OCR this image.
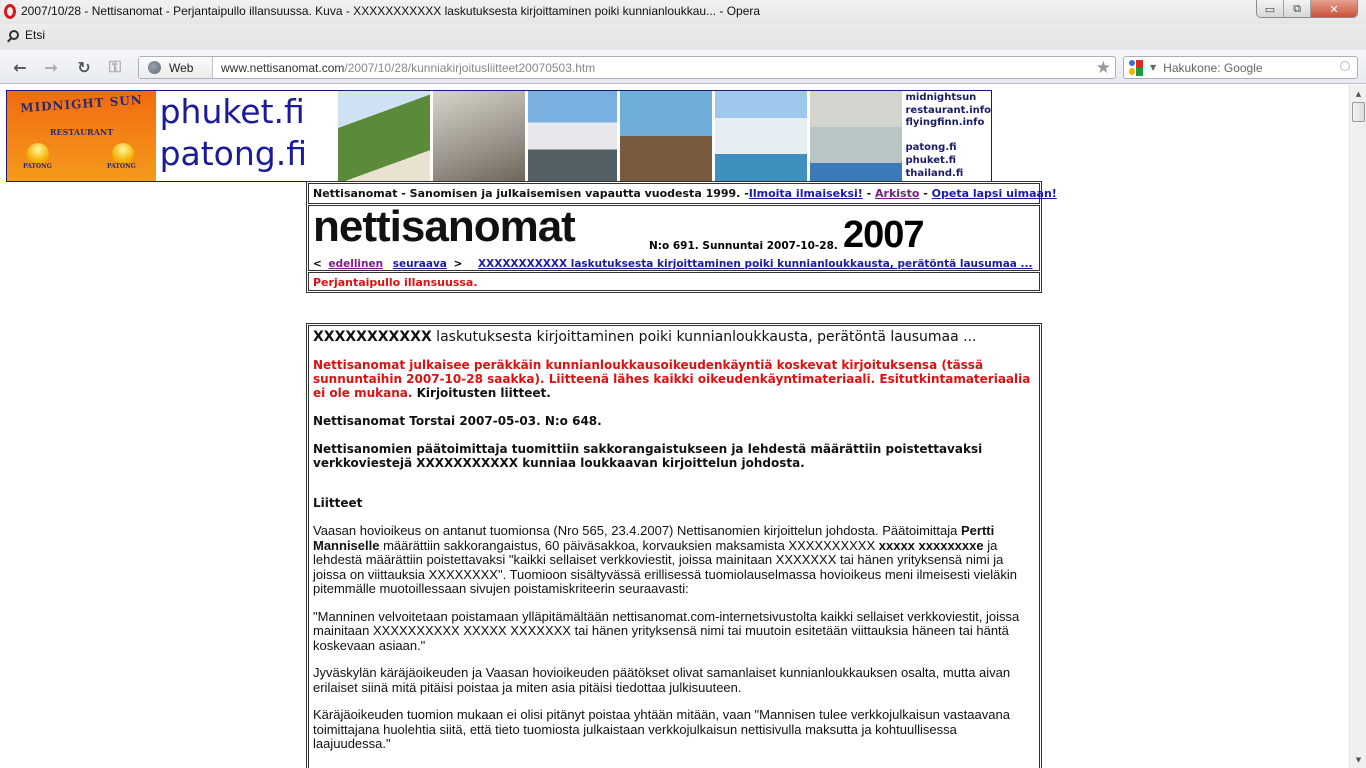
2007/10/28 - Nettisanomat - Perjantaipullo illansuussa. Kuva - XXXXXXXXXXX laskutuksesta kirjoittaminen poiki kunnianloukkau... - Opera	▭ ⧉	✕
Etsi
← → ↻ ⚿	Web	www.nettisanomat.com/2007/10/28/kunniakirjoitusliitteet20070503.htm	★	▼ Hakukone: Google
MIDNIGHT SUN
RESTAURANT
PATONG	PATONG
phuket.fi
patong.fi
midnightsun
restaurant.info
flyingfinn.info
patong.fi
phuket.fi
thailand.fi
Nettisanomat - Sanomisen ja julkaisemisen vapautta vuodesta 1999. -Ilmoita ilmaiseksi! - Arkisto - Opeta lapsi uimaan!
nettisanomat	N:o 691. Sunnuntai 2007-10-28. 2007
< edellinen seuraava > XXXXXXXXXXX laskutuksesta kirjoittaminen poiki kunnianloukkausta, perätöntä lausumaa ...
Perjantaipullo illansuussa.
XXXXXXXXXXX laskutuksesta kirjoittaminen poiki kunnianloukkausta, perätöntä lausumaa ...
Nettisanomat julkaisee peräkkäin kunnianloukkausoikeudenkäyntiä koskevat kirjoituksensa (tässä sunnuntaihin 2007-10-28 saakka). Liitteenä lähes kaikki oikeudenkäyntimateriaali. Esitutkintamateriaalia ei ole mukana. Kirjoitusten liitteet.
Nettisanomat Torstai 2007-05-03. N:o 648.
Nettisanomien päätoimittaja tuomittiin sakkorangaistukseen ja lehdestä määrättiin poistettavaksi verkkoviestejä XXXXXXXXXXX kunniaa loukkaavan kirjoittelun johdosta.
Liitteet
Vaasan hovioikeus on antanut tuomionsa (Nro 565, 23.4.2007) Nettisanomien kirjoittelun johdosta. Päätoimittaja Pertti Manniselle määrättiin sakkorangaistus, 60 päiväsakkoa, korvauksien maksamista XXXXXXXXXX xxxxx xxxxxxxxe ja lehdestä määrättiin poistettavaksi "kaikki sellaiset verkkoviestit, joissa mainitaan XXXXXXX tai hänen yrityksensä nimi ja joissa on viittauksia XXXXXXXX". Tuomioon sisältyvässä erillisessä tuomiolauselmassa hovioikeus meni ilmeisesti vieläkin pitemmälle muotoillessaan sivujen poistamiskriteerin seuraavasti:
"Manninen velvoitetaan poistamaan ylläpitämältään nettisanomat.com-internetsivustolta kaikki sellaiset verkkoviestit, joissa mainitaan XXXXXXXXXX XXXXX XXXXXXX tai hänen yrityksensä nimi tai muutoin esitetään viittauksia häneen tai häntä koskevaan asiaan."
Jyväskylän käräjäoikeuden ja Vaasan hovioikeuden päätökset olivat samanlaiset kunnianloukkauksen osalta, mutta aivan erilaiset siinä mitä pitäisi poistaa ja miten asia pitäisi tiedottaa julkisuuteen.
Käräjäoikeuden tuomion mukaan ei olisi pitänyt poistaa yhtään mitään, vaan "Mannisen tulee verkkojulkaisun vastaavana toimittajana huolehtia siitä, että tieto tuomiosta julkaistaan verkkojulkaisun nettisivulla maksutta ja kohtuullisessa laajuudessa."
▲
▼
